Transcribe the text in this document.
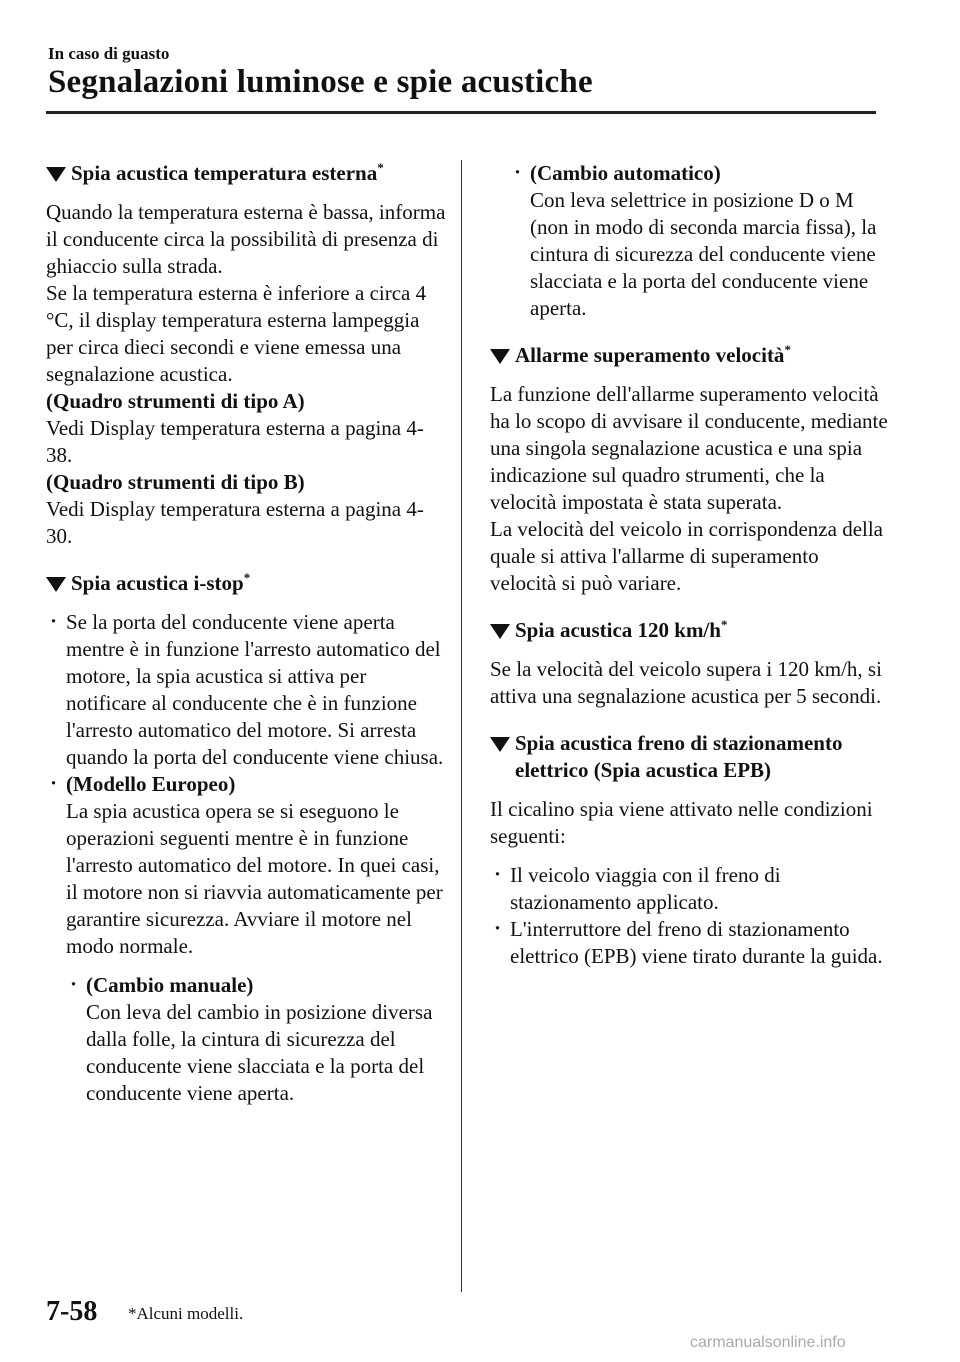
In caso di guasto
Segnalazioni luminose e spie acustiche
Spia acustica temperatura esterna*

Quando la temperatura esterna è bassa, informa il conducente circa la possibilità di presenza di ghiaccio sulla strada.

Se la temperatura esterna è inferiore a circa 4 °C, il display temperatura esterna lampeggia per circa dieci secondi e viene emessa una segnalazione acustica.

(Quadro strumenti di tipo A)

Vedi Display temperatura esterna a pagina 4-38.

(Quadro strumenti di tipo B)

Vedi Display temperatura esterna a pagina 4-30.

Spia acustica i-stop*
· Se la porta del conducente viene aperta mentre è in funzione l'arresto automatico del motore, la spia acustica si attiva per notificare al conducente che è in funzione l'arresto automatico del motore. Si arresta quando la porta del conducente viene chiusa.
· (Modello Europeo)
La spia acustica opera se si eseguono le operazioni seguenti mentre è in funzione l'arresto automatico del motore. In quei casi, il motore non si riavvia automaticamente per garantire sicurezza. Avviare il motore nel modo normale.
· (Cambio manuale)
Con leva del cambio in posizione diversa dalla folle, la cintura di sicurezza del conducente viene slacciata e la porta del conducente viene aperta.
· (Cambio automatico)
Con leva selettrice in posizione D o M (non in modo di seconda marcia fissa), la cintura di sicurezza del conducente viene slacciata e la porta del conducente viene aperta.
Allarme superamento velocità*

La funzione dell'allarme superamento velocità ha lo scopo di avvisare il conducente, mediante una singola segnalazione acustica e una spia indicazione sul quadro strumenti, che la velocità impostata è stata superata.

La velocità del veicolo in corrispondenza della quale si attiva l'allarme di superamento velocità si può variare.

Spia acustica 120 km/h*

Se la velocità del veicolo supera i 120 km/h, si attiva una segnalazione acustica per 5 secondi.

Spia acustica freno di stazionamento elettrico (Spia acustica EPB)

Il cicalino spia viene attivato nelle condizioni seguenti:

· Il veicolo viaggia con il freno di stazionamento applicato.
· L'interruttore del freno di stazionamento elettrico (EPB) viene tirato durante la guida.
7-58 *Alcuni modelli.
carmanualsonline.info
